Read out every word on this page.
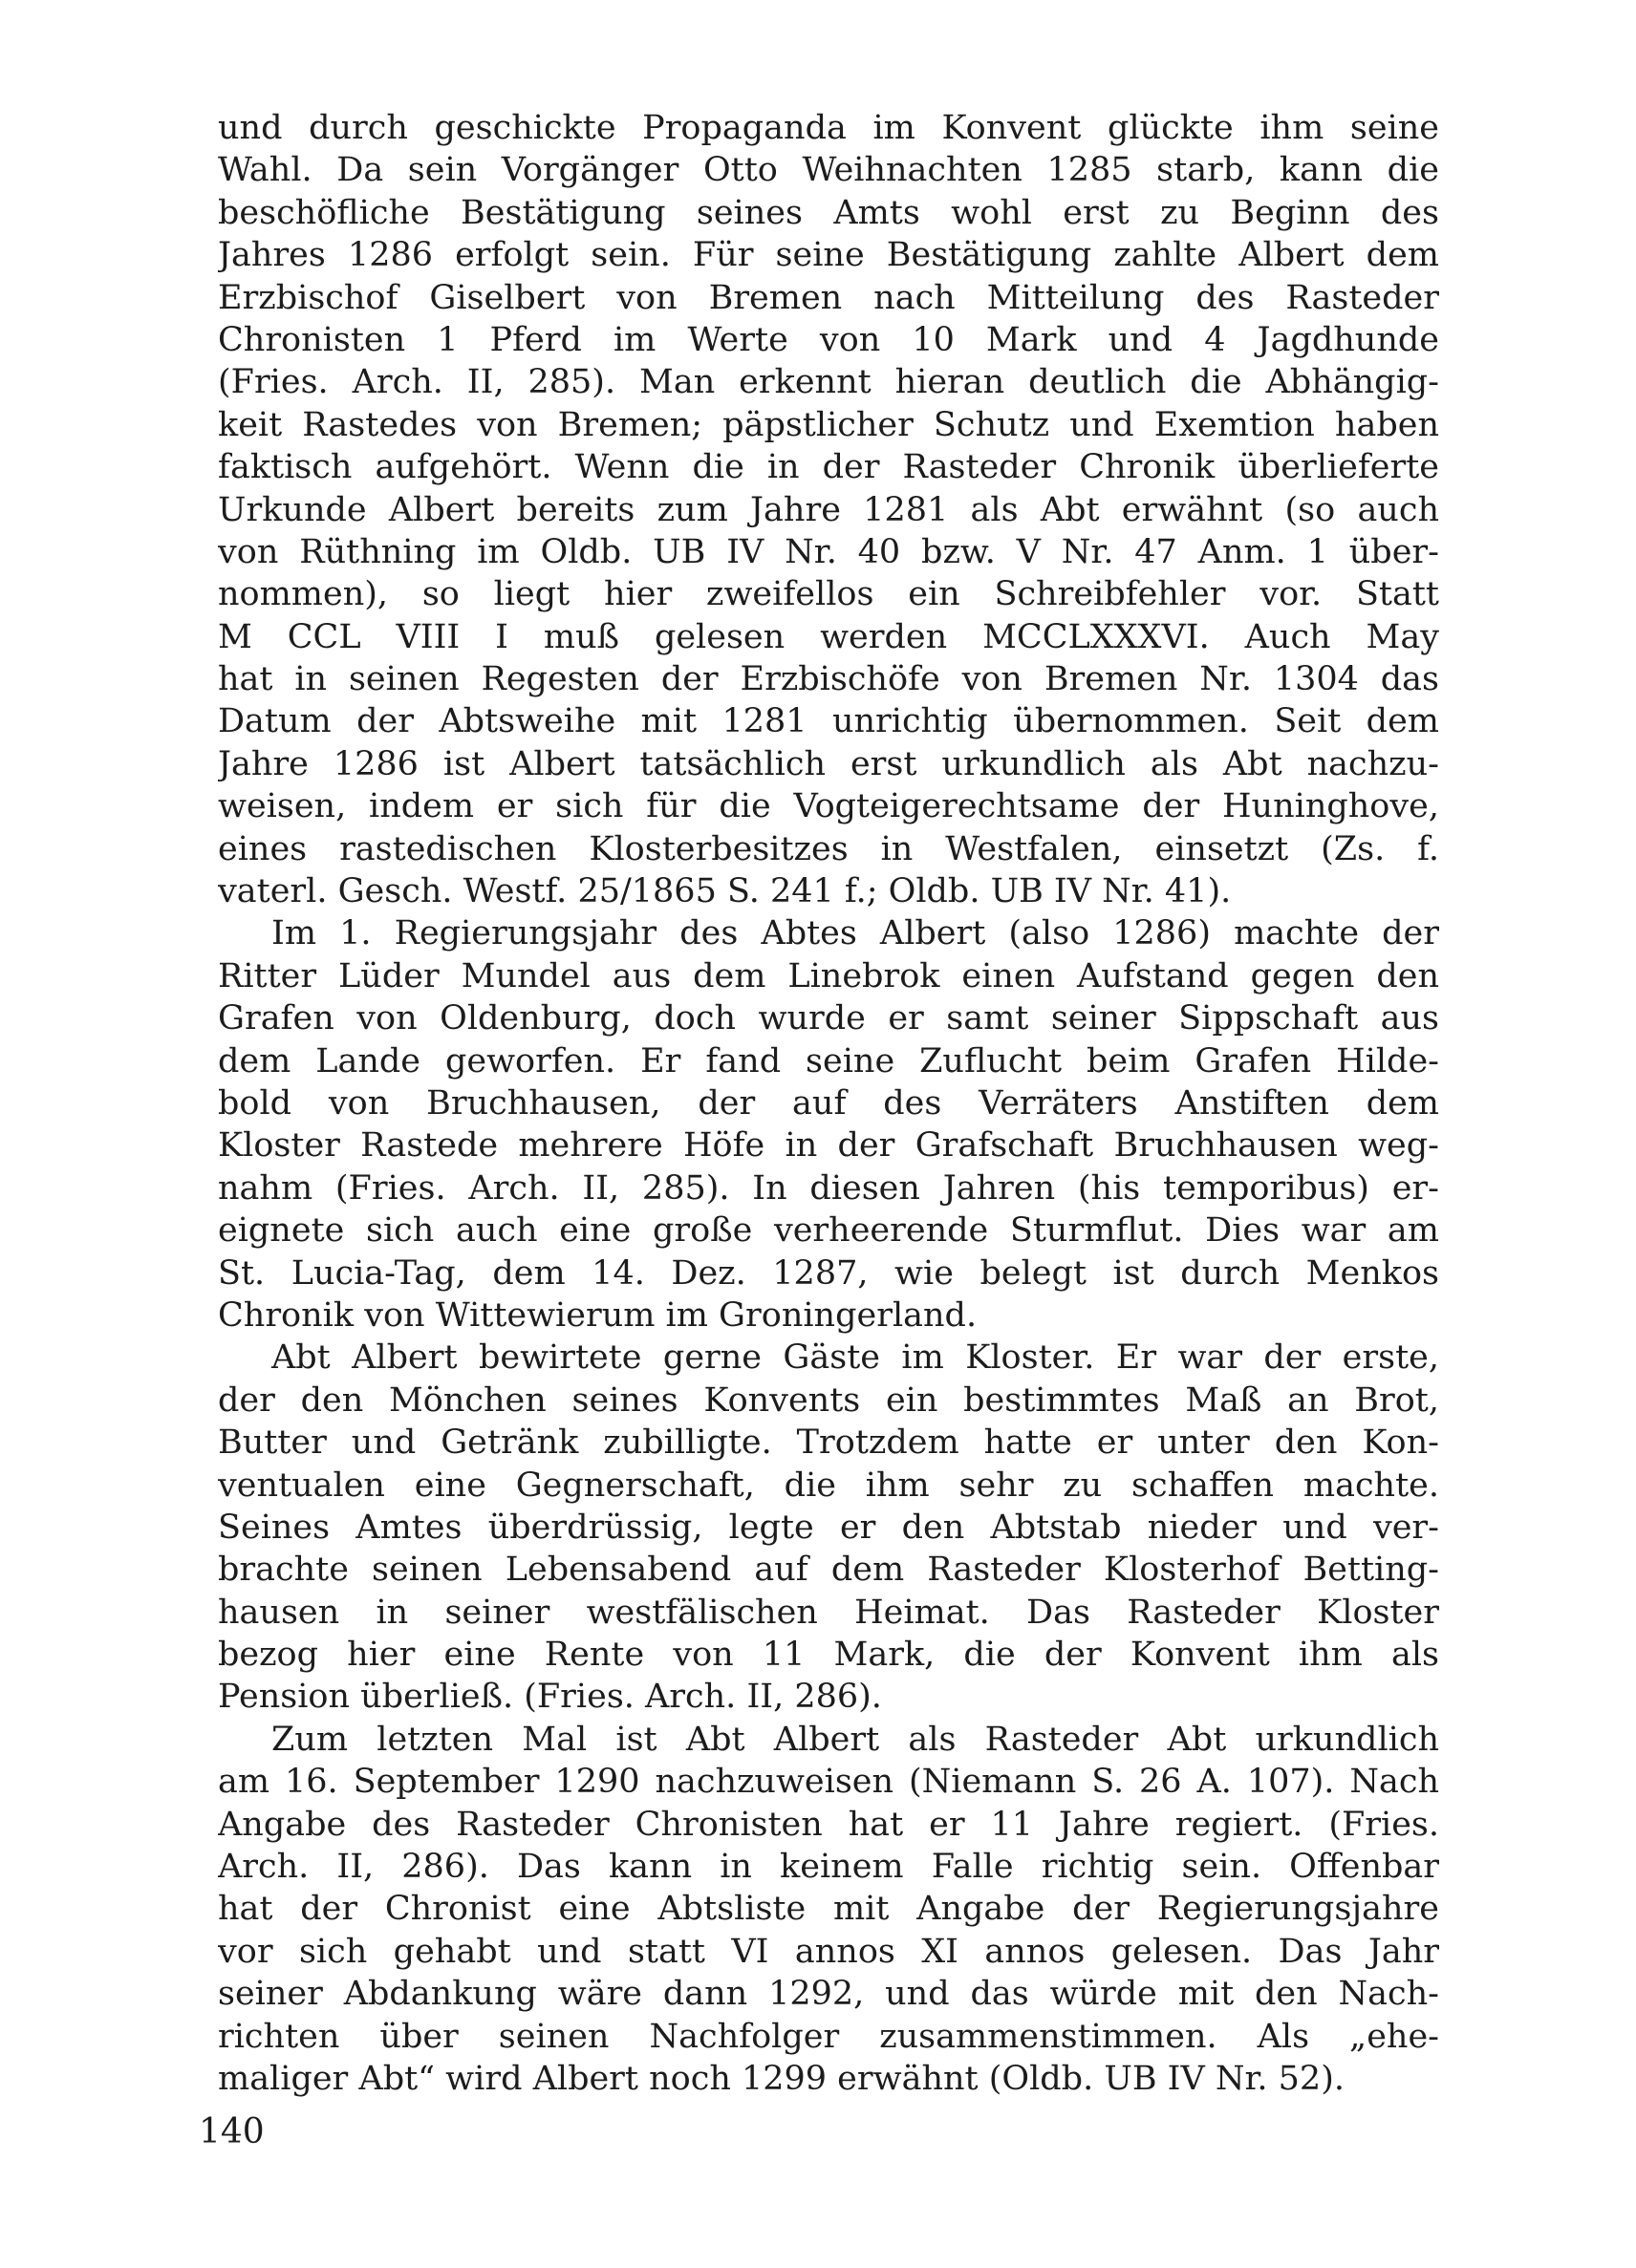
und durch geschickte Propaganda im Konvent glückte ihm seine
Wahl. Da sein Vorgänger Otto Weihnachten 1285 starb, kann die
beschöfliche Bestätigung seines Amts wohl erst zu Beginn des
Jahres 1286 erfolgt sein. Für seine Bestätigung zahlte Albert dem
Erzbischof Giselbert von Bremen nach Mitteilung des Rasteder
Chronisten 1 Pferd im Werte von 10 Mark und 4 Jagdhunde
(Fries. Arch. II, 285). Man erkennt hieran deutlich die Abhängig-
keit Rastedes von Bremen; päpstlicher Schutz und Exemtion haben
faktisch aufgehört. Wenn die in der Rasteder Chronik überlieferte
Urkunde Albert bereits zum Jahre 1281 als Abt erwähnt (so auch
von Rüthning im Oldb. UB IV Nr. 40 bzw. V Nr. 47 Anm. 1 über-
nommen), so liegt hier zweifellos ein Schreibfehler vor. Statt
M CCL VIII I muß gelesen werden MCCLXXXVI. Auch May
hat in seinen Regesten der Erzbischöfe von Bremen Nr. 1304 das
Datum der Abtsweihe mit 1281 unrichtig übernommen. Seit dem
Jahre 1286 ist Albert tatsächlich erst urkundlich als Abt nachzu-
weisen, indem er sich für die Vogteigerechtsame der Huninghove,
eines rastedischen Klosterbesitzes in Westfalen, einsetzt (Zs. f.
vaterl. Gesch. Westf. 25/1865 S. 241 f.; Oldb. UB IV Nr. 41).
Im 1. Regierungsjahr des Abtes Albert (also 1286) machte der
Ritter Lüder Mundel aus dem Linebrok einen Aufstand gegen den
Grafen von Oldenburg, doch wurde er samt seiner Sippschaft aus
dem Lande geworfen. Er fand seine Zuflucht beim Grafen Hilde-
bold von Bruchhausen, der auf des Verräters Anstiften dem
Kloster Rastede mehrere Höfe in der Grafschaft Bruchhausen weg-
nahm (Fries. Arch. II, 285). In diesen Jahren (his temporibus) er-
eignete sich auch eine große verheerende Sturmflut. Dies war am
St. Lucia-Tag, dem 14. Dez. 1287, wie belegt ist durch Menkos
Chronik von Wittewierum im Groningerland.
Abt Albert bewirtete gerne Gäste im Kloster. Er war der erste,
der den Mönchen seines Konvents ein bestimmtes Maß an Brot,
Butter und Getränk zubilligte. Trotzdem hatte er unter den Kon-
ventualen eine Gegnerschaft, die ihm sehr zu schaffen machte.
Seines Amtes überdrüssig, legte er den Abtstab nieder und ver-
brachte seinen Lebensabend auf dem Rasteder Klosterhof Betting-
hausen in seiner westfälischen Heimat. Das Rasteder Kloster
bezog hier eine Rente von 11 Mark, die der Konvent ihm als
Pension überließ. (Fries. Arch. II, 286).
Zum letzten Mal ist Abt Albert als Rasteder Abt urkundlich
am 16. September 1290 nachzuweisen (Niemann S. 26 A. 107). Nach
Angabe des Rasteder Chronisten hat er 11 Jahre regiert. (Fries.
Arch. II, 286). Das kann in keinem Falle richtig sein. Offenbar
hat der Chronist eine Abtsliste mit Angabe der Regierungsjahre
vor sich gehabt und statt VI annos XI annos gelesen. Das Jahr
seiner Abdankung wäre dann 1292, und das würde mit den Nach-
richten über seinen Nachfolger zusammenstimmen. Als „ehe-
maliger Abt“ wird Albert noch 1299 erwähnt (Oldb. UB IV Nr. 52).
140
